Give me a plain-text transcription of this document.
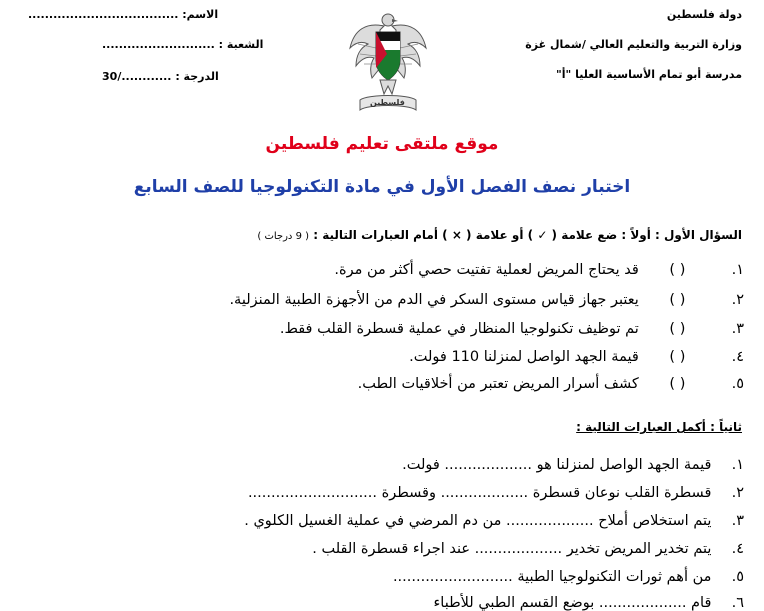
دولة فلسطين
وزارة التربية والتعليم العالي /شمال غزة
مدرسة أبو تمام الأساسية العليا "أ"
الاسم: ....................................
الشعبة : ...........................
الدرجة : ............/30
فلسطين
موقع ملتقى تعليم فلسطين
اختبار نصف الفصل الأول في مادة التكنولوجيا للصف السابع
السؤال الأول : أولاً : ضع علامة ( ✓ ) أو علامة ( × ) أمام العبارات التالية : ( 9 درجات )
١. ( ) قد يحتاج المريض لعملية تفتيت حصي أكثر من مرة.
٢. ( ) يعتبر جهاز قياس مستوى السكر في الدم من الأجهزة الطبية المنزلية.
٣. ( ) تم توظيف تكنولوجيا المنظار في عملية قسطرة القلب فقط.
٤. ( ) قيمة الجهد الواصل لمنزلنا 110 فولت.
٥. ( ) كشف أسرار المريض تعتبر من أخلاقيات الطب.
ثانياً : أكمل العبارات التالية :
١. قيمة الجهد الواصل لمنزلنا هو ................... فولت.
٢. قسطرة القلب نوعان قسطرة ................... وقسطرة ............................
٣. يتم استخلاص أملاح ................... من دم المرضي في عملية الغسيل الكلوي .
٤. يتم تخدير المريض تخدير ................... عند اجراء قسطرة القلب .
٥. من أهم ثورات التكنولوجيا الطبية ..........................
٦. قام ................... بوضع القسم الطبي للأطباء
